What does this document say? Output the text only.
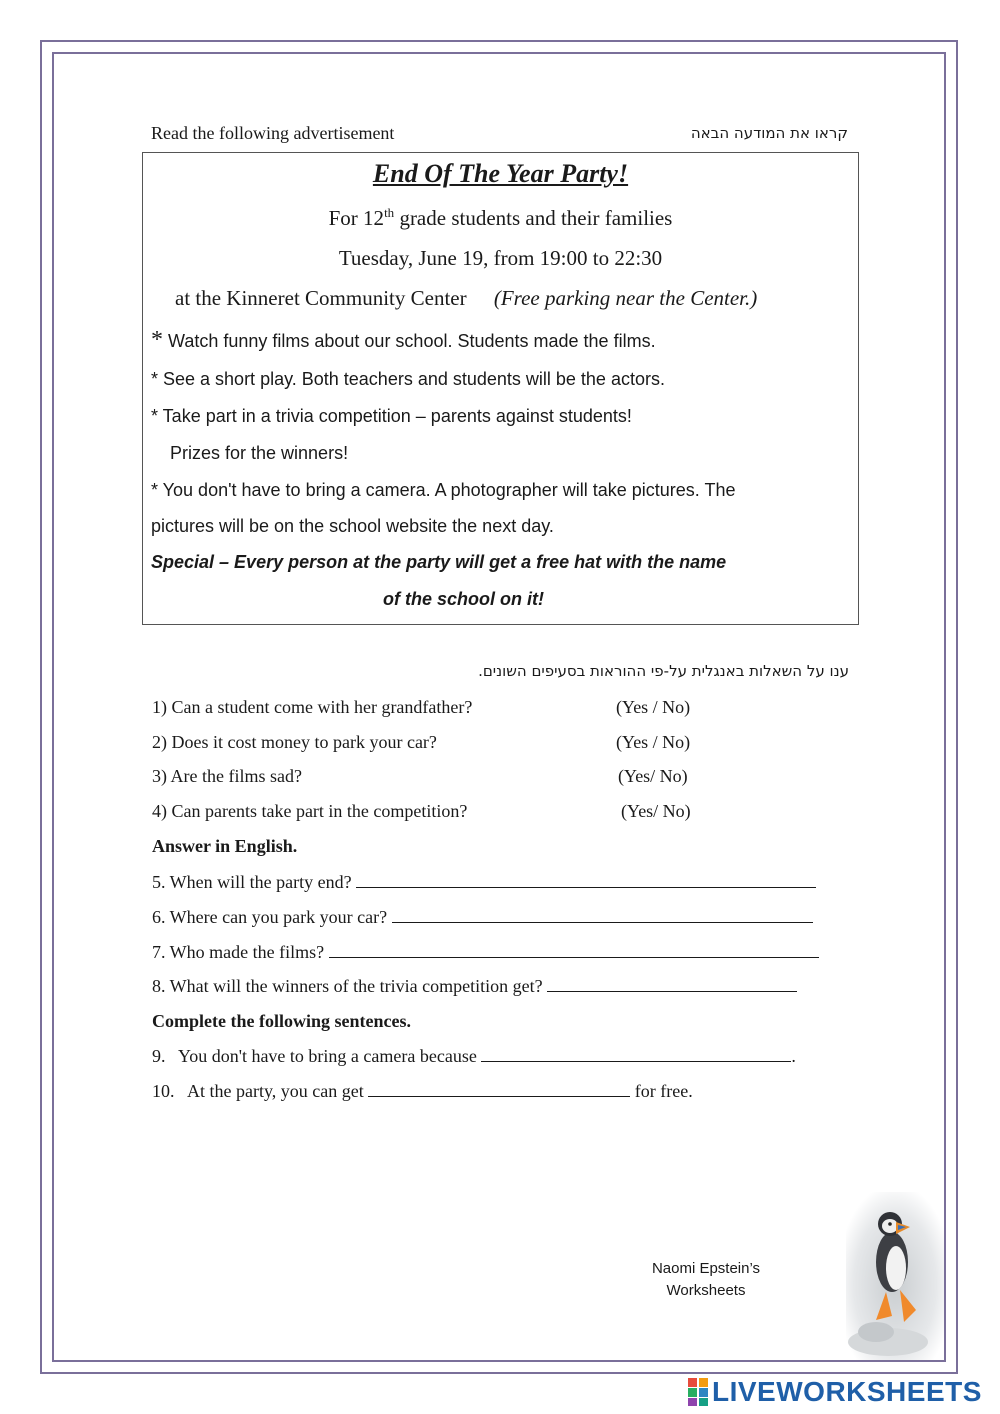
Read the following advertisement	קראו את המודעה הבאה
End Of The Year Party!
For 12th grade students and their families
Tuesday, June 19, from 19:00 to 22:30
at the Kinneret Community Center (Free parking near the Center.)
* Watch funny films about our school. Students made the films.
* See a short play. Both teachers and students will be the actors.
* Take part in a trivia competition – parents against students!
Prizes for the winners!
* You don't have to bring a camera. A photographer will take pictures. The
pictures will be on the school website the next day.
Special – Every person at the party will get a free hat with the name
of the school on it!
ענו על השאלות באנגלית על-פי ההוראות בסעיפים השונים.
1) Can a student come with her grandfather?	(Yes / No)
2) Does it cost money to park your car?	(Yes / No)
3) Are the films sad?	(Yes/ No)
4) Can parents take part in the competition?	(Yes/ No)
Answer in English.
5. When will the party end?
6. Where can you park your car?
7. Who made the films?
8. What will the winners of the trivia competition get?
Complete the following sentences.
9. You don't have to bring a camera because	.
10. At the party, you can get	for free.
Naomi Epstein’s
Worksheets
LIVEWORKSHEETS
